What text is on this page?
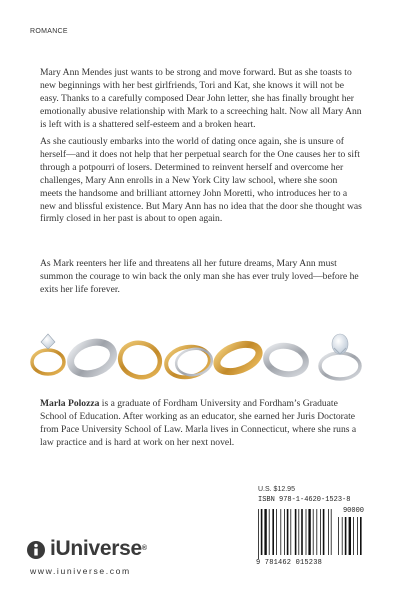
ROMANCE

Mary Ann Mendes just wants to be strong and move forward. But as she toasts to new beginnings with her best girlfriends, Tori and Kat, she knows it will not be easy. Thanks to a carefully composed Dear John letter, she has finally brought her emotionally abusive relationship with Mark to a screeching halt. Now all Mary Ann is left with is a shattered self-esteem and a broken heart.

As she cautiously embarks into the world of dating once again, she is unsure of herself—and it does not help that her perpetual search for the One causes her to sift through a potpourri of losers. Determined to reinvent herself and overcome her challenges, Mary Ann enrolls in a New York City law school, where she soon meets the handsome and brilliant attorney John Moretti, who introduces her to a new and blissful existence. But Mary Ann has no idea that the door she thought was firmly closed in her past is about to open again.

As Mark reenters her life and threatens all her future dreams, Mary Ann must summon the courage to win back the only man she has ever truly loved—before he exits her life forever.

Marla Polozza is a graduate of Fordham University and Fordham’s Graduate School of Education. After working as an educator, she earned her Juris Doctorate from Pace University School of Law. Marla lives in Connecticut, where she runs a law practice and is hard at work on her next novel.

U.S. $12.95
ISBN 978-1-4620-1523-8
90000
9 781462 015238
iUniverse®
www.iuniverse.com
